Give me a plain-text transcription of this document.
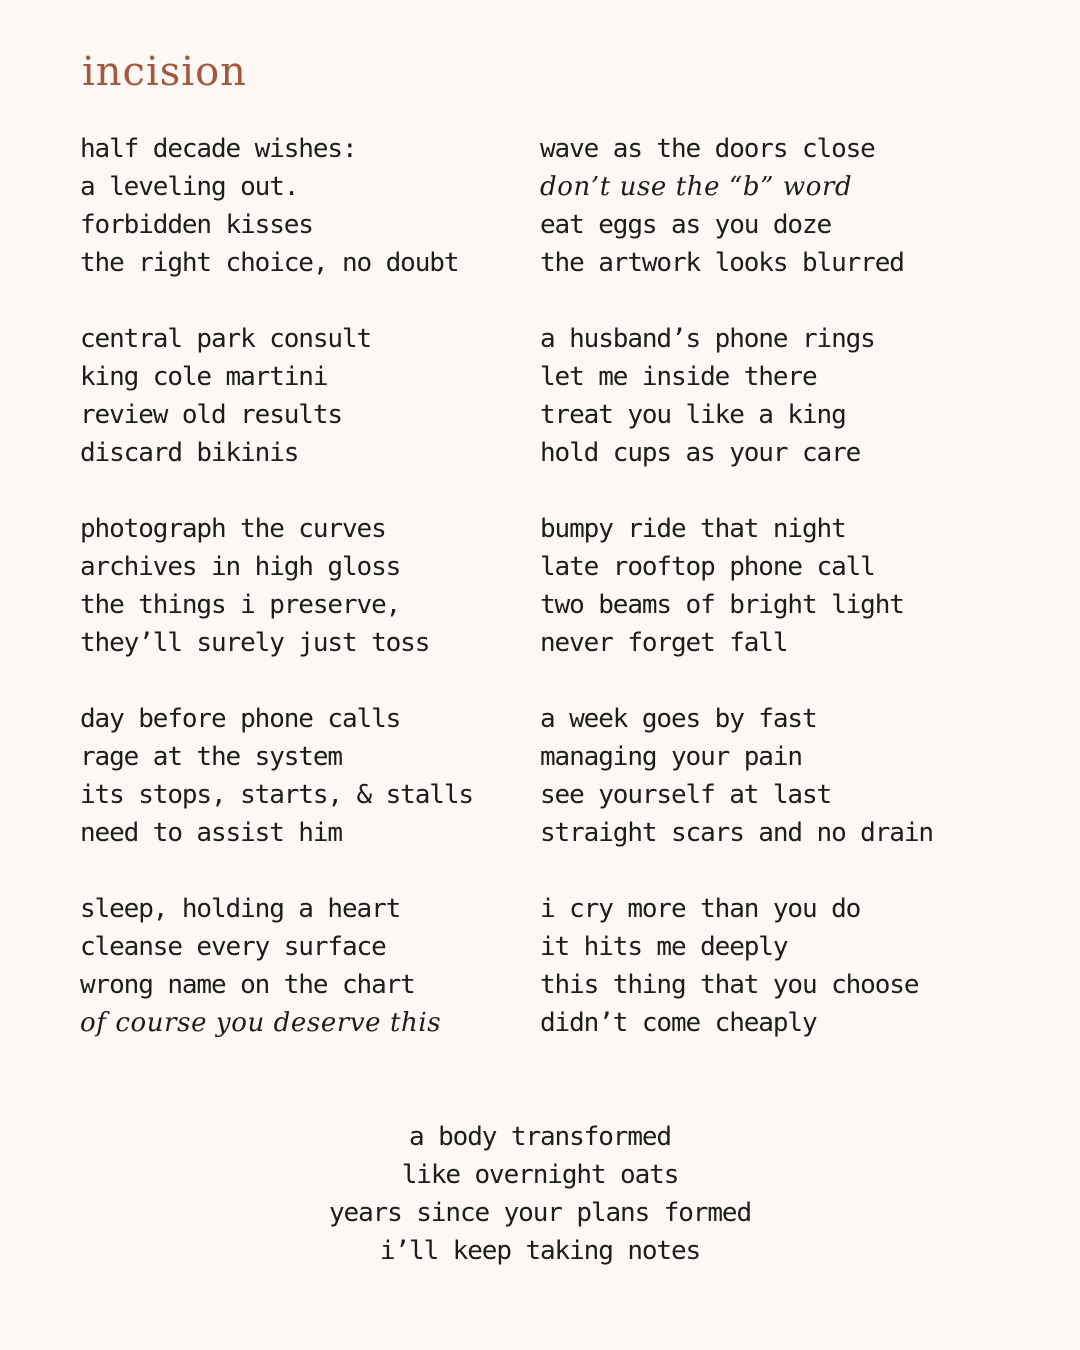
incision
half decade wishes:
a leveling out.
forbidden kisses
the right choice, no doubt
central park consult
king cole martini
review old results
discard bikinis
photograph the curves
archives in high gloss
the things i preserve,
they’ll surely just toss
day before phone calls
rage at the system
its stops, starts, & stalls
need to assist him
sleep, holding a heart
cleanse every surface
wrong name on the chart
of course you deserve this
wave as the doors close
don’t use the “b” word
eat eggs as you doze
the artwork looks blurred
a husband’s phone rings
let me inside there
treat you like a king
hold cups as your care
bumpy ride that night
late rooftop phone call
two beams of bright light
never forget fall
a week goes by fast
managing your pain
see yourself at last
straight scars and no drain
i cry more than you do
it hits me deeply
this thing that you choose
didn’t come cheaply
a body transformed
like overnight oats
years since your plans formed
i’ll keep taking notes
